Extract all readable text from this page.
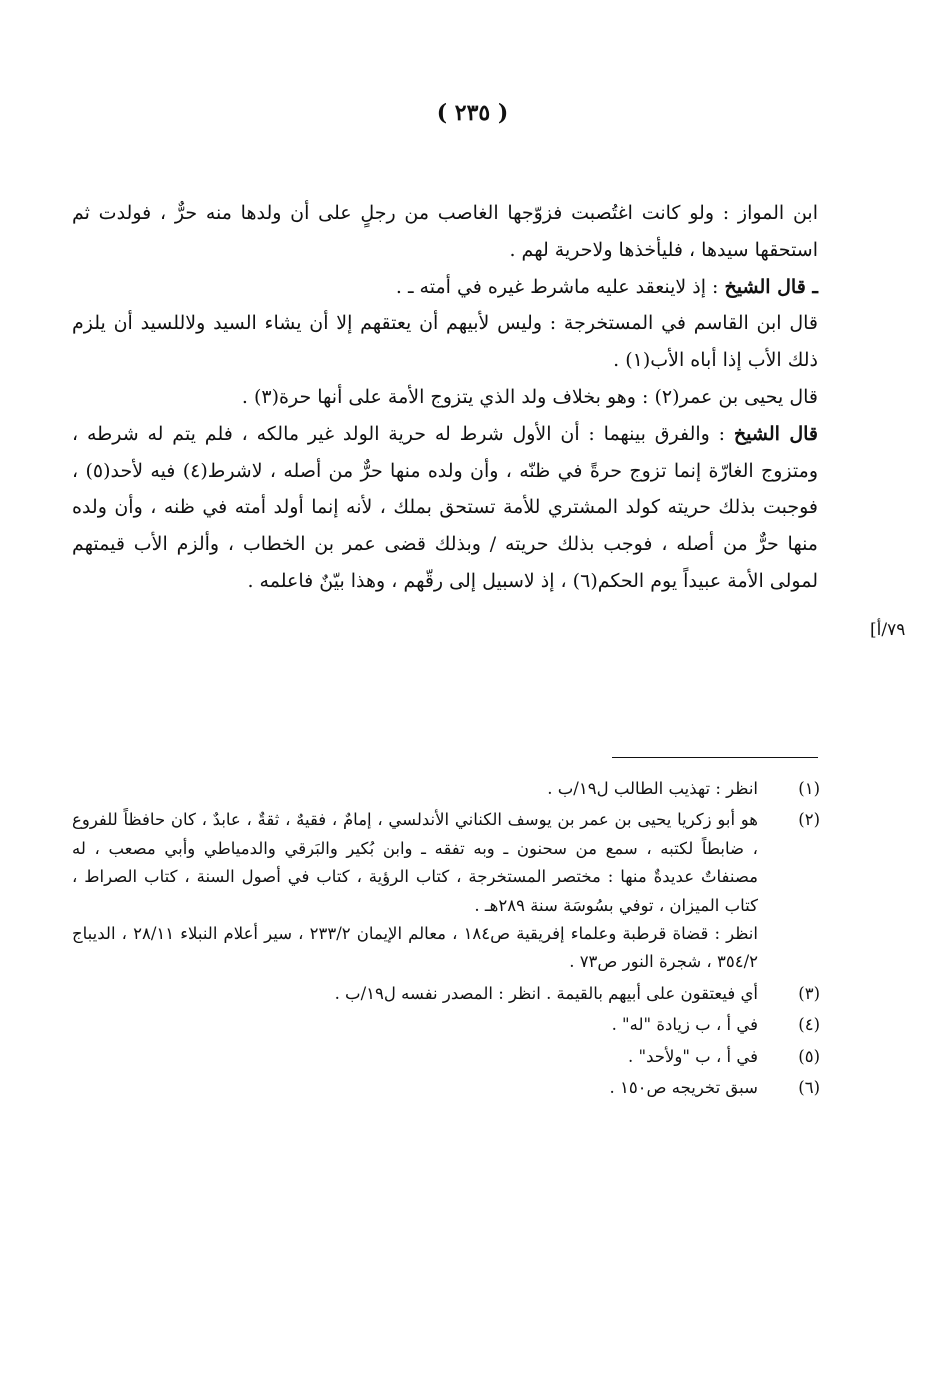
( ٢٣٥ )

ابن المواز : ولو كانت اغتُصبت فزوّجها الغاصب من رجلٍ على أن ولدها منه حرٌّ ، فولدت ثم استحقها سيدها ، فليأخذها ولاحرية لهم .

ـ قال الشيخ : إذ لاينعقد عليه ماشرط غيره في أمته ـ .

قال ابن القاسم في المستخرجة : وليس لأبيهم أن يعتقهم إلا أن يشاء السيد ولاللسيد أن يلزم ذلك الأب إذا أباه الأب(١) .

قال يحيى بن عمر(٢) : وهو بخلاف ولد الذي يتزوج الأمة على أنها حرة(٣) .

قال الشيخ : والفرق بينهما : أن الأول شرط له حرية الولد غير مالكه ، فلم يتم له شرطه ، ومتزوج الغارّة إنما تزوج حرةً في ظنّه ، وأن ولده منها حرٌّ من أصله ، لاشرط(٤) فيه لأحد(٥) ، فوجبت بذلك حريته كولد المشتري للأمة تستحق بملك ، لأنه إنما أولد أمته في ظنه ، وأن ولده منها حرٌّ من أصله ، فوجب بذلك حريته / وبذلك قضى عمر بن الخطاب ، وألزم الأب قيمتهم لمولى الأمة عبيداً يوم الحكم(٦) ، إذ لاسبيل إلى رقّهم ، وهذا بيّنٌ فاعلمه .

[٧٩/أ
(١)

انظر : تهذيب الطالب ل١٩/ب .

(٢)

هو أبو زكريا يحيى بن عمر بن يوسف الكناني الأندلسي ، إمامٌ ، فقيهٌ ، ثقةٌ ، عابدٌ ، كان حافظاً للفروع ، ضابطاً لكتبه ، سمع من سحنون ـ وبه تفقه ـ وابن بُكير والبَرقي والدمياطي وأبي مصعب ، له مصنفاتٌ عديدةٌ منها : مختصر المستخرجة ، كتاب الرؤية ، كتاب في أصول السنة ، كتاب الصراط ، كتاب الميزان ، توفي بسُوسَة سنة ٢٨٩هـ .

انظر : قضاة قرطبة وعلماء إفريقية ص١٨٤ ، معالم الإيمان ٢٣٣/٢ ، سير أعلام النبلاء ٢٨/١١ ، الديباج ٣٥٤/٢ ، شجرة النور ص٧٣ .

(٣)

أي فيعتقون على أبيهم بالقيمة . انظر : المصدر نفسه ل١٩/ب .

(٤)

في أ ، ب زيادة "له" .

(٥)

في أ ، ب "ولأحد" .

(٦)

سبق تخريجه ص١٥٠ .
